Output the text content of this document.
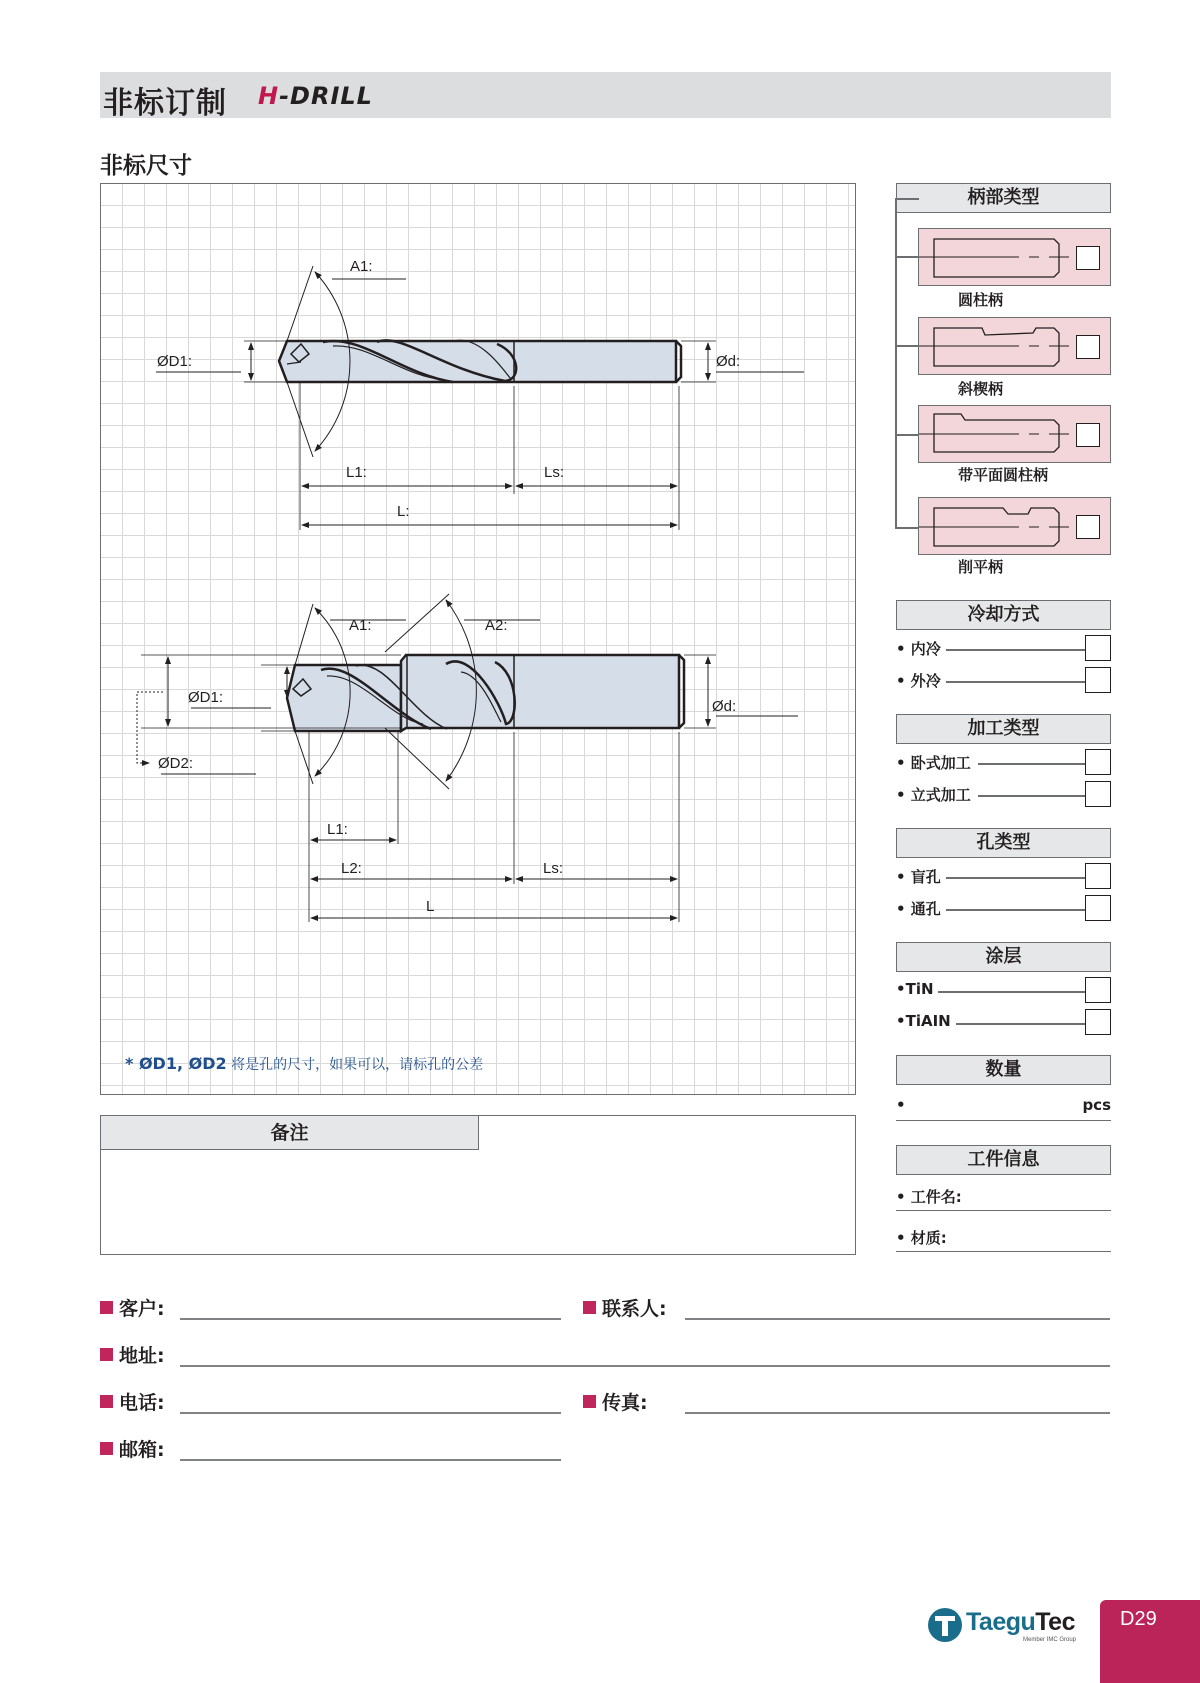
非标订制 H-DRILL
非标尺寸
A1:
ØD1:	Ød:
L1:	Ls:
L:
A1:	A2:
ØD1:
ØD2:
Ød:
L1:
L2:	Ls:
L
* ØD1, ØD2 将是孔的尺寸，如果可以，请标孔的公差
备注
柄部类型
圆柱柄
斜楔柄
带平面圆柱柄
削平柄
冷却方式
• 内冷
• 外冷
加工类型
• 卧式加工
• 立式加工
孔类型
• 盲孔
• 通孔
涂层
•TiN
•TiAIN
数量
•	pcs
工件信息
• 工件名:
• 材质:
客户:	联系人:
地址:
电话:	传真:
邮箱:
TaeguTec
Member IMC Group
D29
